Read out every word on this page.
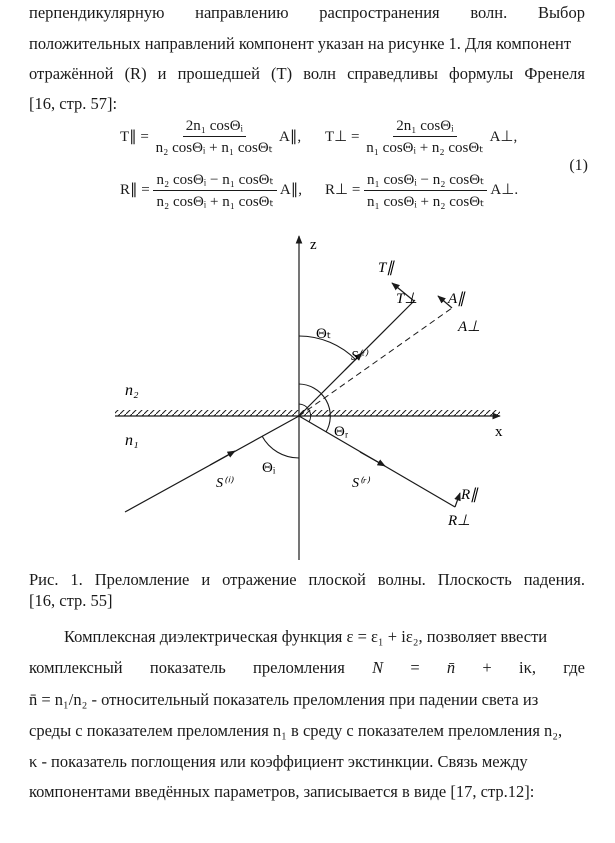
перпендикулярную направлению распространения волн. Выбор
положительных направлений компонент указан на рисунке 1. Для компонент
отражённой (R) и прошедшей (T) волн справедливы формулы Френеля
[16, стр. 57]:
T∥ = $\frac{\text{2n₁ cosΘᵢ}}{\text{n₂ cosΘᵢ + n₁ cosΘₜ}}$ A∥, T⊥ = $\frac{\text{2n₁ cosΘᵢ}}{\text{n₁ cosΘᵢ + n₂ cosΘₜ}}$ A⊥,
R∥ = $\frac{\text{n₂ cosΘᵢ − n₁ cosΘₜ}}{\text{n₂ cosΘᵢ + n₁ cosΘₜ}}$ A∥, R⊥ = $\frac{\text{n₁ cosΘᵢ − n₂ cosΘₜ}}{\text{n₁ cosΘᵢ + n₂ cosΘₜ}}$ A⊥.
(1)
z
x
n₂
n₁
T∥
T⊥ A∥
A⊥
Θₜ
S⁽ᵗ⁾
Θᵣ
Θᵢ
S⁽ⁱ⁾	S⁽ʳ⁾
R∥
R⊥
Рис. 1. Преломление и отражение плоской волны. Плоскость падения.
[16, стр. 55]
Комплексная диэлектрическая функция ε = ε₁ + iε₂, позволяет ввести
комплексный показатель преломления N = n̄ + iκ, где
n̄ = n₁/n₂ - относительный показатель преломления при падении света из
среды с показателем преломления n₁ в среду с показателем преломления n₂,
κ - показатель поглощения или коэффициент экстинкции. Связь между
компонентами введённых параметров, записывается в виде [17, стр.12]:
